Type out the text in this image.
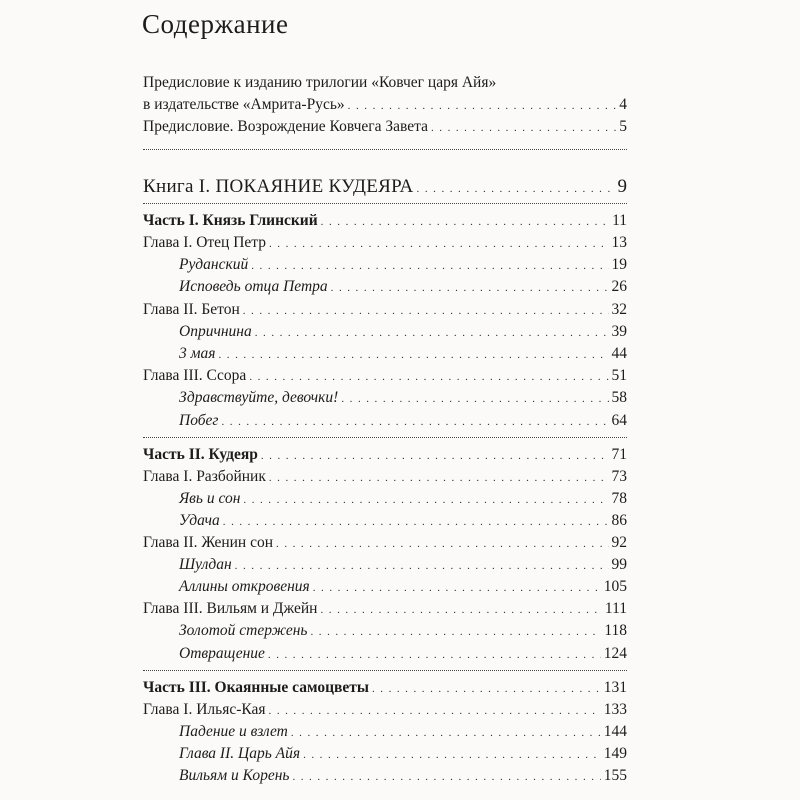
Содержание
Предисловие к изданию трилогии «Ковчег царя Айя»
в издательстве «Амрита-Русь» . . .	4
Предисловие. Возрождение Ковчега Завета . . .	5
Книга I. ПОКАЯНИЕ КУДЕЯРА . . .	9
Часть I. Князь Глинский . . .	11
Глава I. Отец Петр . . .	13
Руданский . . .	19
Исповедь отца Петра . . .	26
Глава II. Бетон . . .	32
Опричнина . . .	39
3 мая . . .	44
Глава III. Ссора . . .	51
Здравствуйте, девочки! . . .	58
Побег . . .	64
Часть II. Кудеяр . . .	71
Глава I. Разбойник . . .	73
Явь и сон . . .	78
Удача . . .	86
Глава II. Женин сон . . .	92
Шулдан . . .	99
Аллины откровения . . .	105
Глава III. Вильям и Джейн . . .	111
Золотой стержень . . .	118
Отвращение . . .	124
Часть III. Окаянные самоцветы . . .	131
Глава I. Ильяс-Кая . . .	133
Падение и взлет . . .	144
Глава II. Царь Айя . . .	149
Вильям и Корень . . .	155
